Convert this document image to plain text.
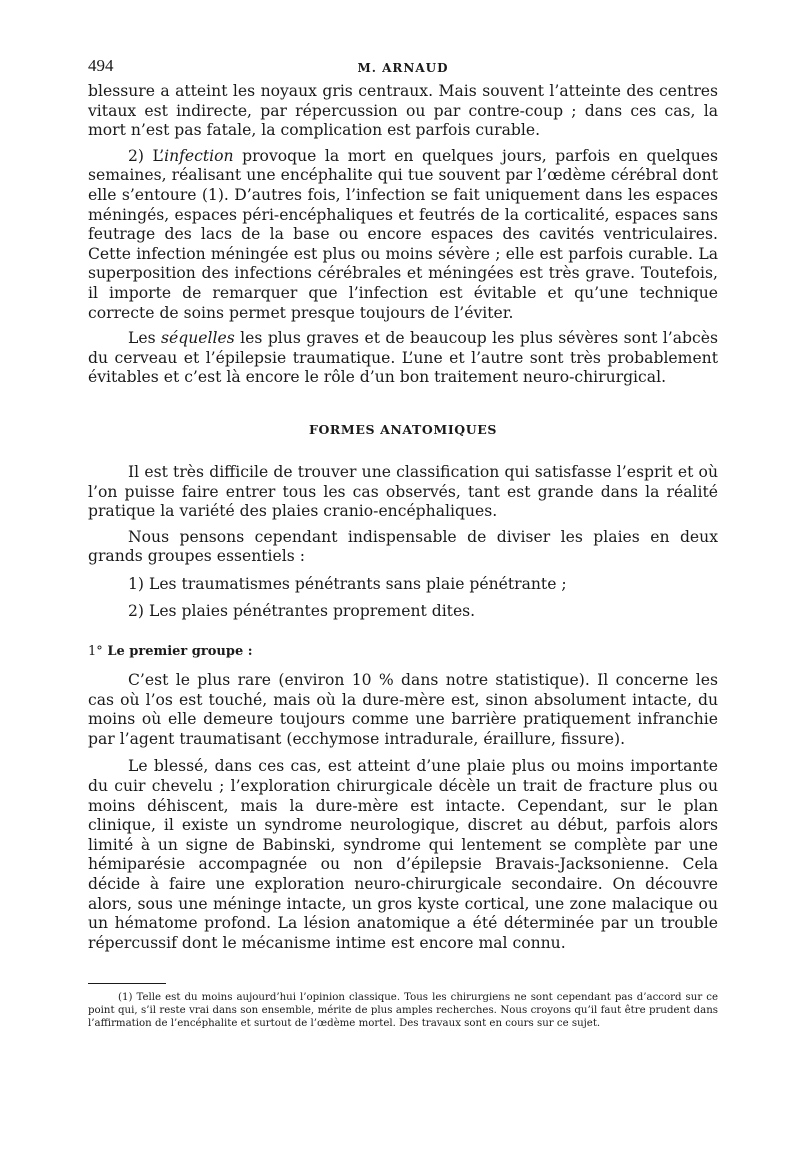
494	M. ARNAUD

blessure a atteint les noyaux gris centraux. Mais souvent l’atteinte des centres vitaux est indirecte, par répercussion ou par contre-coup ; dans ces cas, la mort n’est pas fatale, la complication est parfois curable.

2) L’infection provoque la mort en quelques jours, parfois en quelques semaines, réalisant une encéphalite qui tue souvent par l’œdème cérébral dont elle s’entoure (1). D’autres fois, l’infection se fait uniquement dans les espaces méningés, espaces péri-encéphaliques et feutrés de la corticalité, espaces sans feutrage des lacs de la base ou encore espaces des cavités ventriculaires. Cette infection méningée est plus ou moins sévère ; elle est parfois curable. La superposition des infections cérébrales et méningées est très grave. Toutefois, il importe de remarquer que l’infection est évitable et qu’une technique correcte de soins permet presque toujours de l’éviter.

Les séquelles les plus graves et de beaucoup les plus sévères sont l’abcès du cerveau et l’épilepsie traumatique. L’une et l’autre sont très probablement évitables et c’est là encore le rôle d’un bon traitement neuro-chirurgical.

FORMES ANATOMIQUES

Il est très difficile de trouver une classification qui satisfasse l’esprit et où l’on puisse faire entrer tous les cas observés, tant est grande dans la réalité pratique la variété des plaies cranio-encéphaliques.

Nous pensons cependant indispensable de diviser les plaies en deux grands groupes essentiels :

1) Les traumatismes pénétrants sans plaie pénétrante ;
2) Les plaies pénétrantes proprement dites.
1° Le premier groupe :

C’est le plus rare (environ 10 % dans notre statistique). Il concerne les cas où l’os est touché, mais où la dure-mère est, sinon absolument intacte, du moins où elle demeure toujours comme une barrière pratiquement infranchie par l’agent traumatisant (ecchymose intradurale, éraillure, fissure).

Le blessé, dans ces cas, est atteint d’une plaie plus ou moins importante du cuir chevelu ; l’exploration chirurgicale décèle un trait de fracture plus ou moins déhiscent, mais la dure-mère est intacte. Cependant, sur le plan clinique, il existe un syndrome neurologique, discret au début, parfois alors limité à un signe de Babinski, syndrome qui lentement se complète par une hémiparésie accompagnée ou non d’épilepsie Bravais-Jacksonienne. Cela décide à faire une exploration neuro-chirurgicale secondaire. On découvre alors, sous une méninge intacte, un gros kyste cortical, une zone malacique ou un hématome profond. La lésion anatomique a été déterminée par un trouble répercussif dont le mécanisme intime est encore mal connu.

(1) Telle est du moins aujourd’hui l’opinion classique. Tous les chirurgiens ne sont cependant pas d’accord sur ce point qui, s’il reste vrai dans son ensemble, mérite de plus amples recherches. Nous croyons qu’il faut être prudent dans l’affirmation de l’encéphalite et surtout de l’œdème mortel. Des travaux sont en cours sur ce sujet.
